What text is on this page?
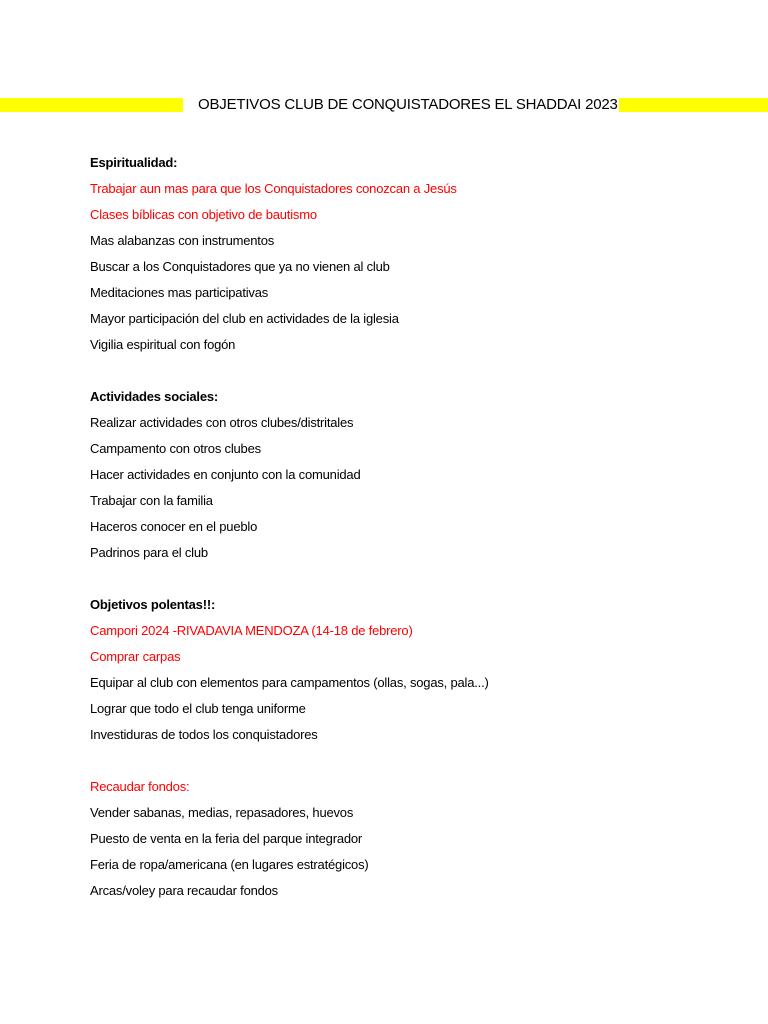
OBJETIVOS CLUB DE CONQUISTADORES EL SHADDAI 2023
Espiritualidad:
Trabajar aun mas para que los Conquistadores conozcan a Jesús
Clases bíblicas con objetivo de bautismo
Mas alabanzas con instrumentos
Buscar a los Conquistadores que ya no vienen al club
Meditaciones mas participativas
Mayor participación del club en actividades de la iglesia
Vigilia espiritual con fogón
Actividades sociales:
Realizar actividades con otros clubes/distritales
Campamento con otros clubes
Hacer actividades en conjunto con la comunidad
Trabajar con la familia
Haceros conocer en el pueblo
Padrinos para el club
Objetivos polentas!!:
Campori 2024 -RIVADAVIA MENDOZA (14-18 de febrero)
Comprar carpas
Equipar al club con elementos para campamentos (ollas, sogas, pala...)
Lograr que todo el club tenga uniforme
Investiduras de todos los conquistadores
Recaudar fondos:
Vender sabanas, medias, repasadores, huevos
Puesto de venta en la feria del parque integrador
Feria de ropa/americana (en lugares estratégicos)
Arcas/voley para recaudar fondos
